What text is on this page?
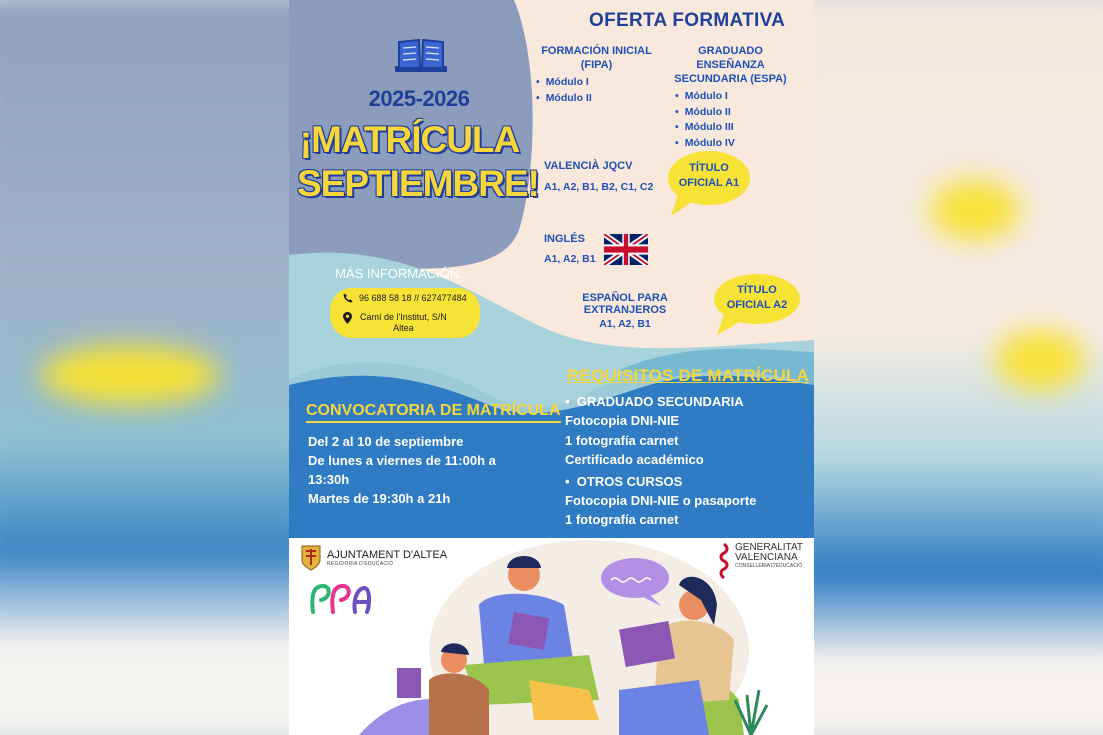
2025-2026
¡MATRÍCULA
SEPTIEMBRE!
MÁS INFORMACIÓN:
96 688 58 18 // 627477484
Camí de l'Institut, S/N
Altea
OFERTA FORMATIVA
FORMACIÓN INICIAL
(FIPA)
• Módulo I
• Módulo II
GRADUADO ENSEÑANZA
SECUNDARIA (ESPA)
• Módulo I
• Módulo II
• Módulo III
• Módulo IV
VALENCIÀ JQCV
A1, A2, B1, B2, C1, C2
TÍTULO
OFICIAL A1
INGLÉS
A1, A2, B1
ESPAÑOL PARA EXTRANJEROS
A1, A2, B1
TÍTULO
OFICIAL A2
REQUISITOS DE MATRÍCULA
•  GRADUADO SECUNDARIA
Fotocopia DNI-NIE
1 fotografía carnet
Certificado académico
•  OTROS CURSOS
Fotocopia DNI-NIE o pasaporte
1 fotografía carnet
CONVOCATORIA DE MATRÍCULA
Del 2 al 10 de septiembre
De lunes a viernes de 11:00h a
13:30h
Martes de 19:30h a 21h
AJUNTAMENT D'ALTEA
REGIDORIA D'EDUCACIÓ
GENERALITAT
VALENCIANA
CONSELLERIA D'EDUCACIÓ
